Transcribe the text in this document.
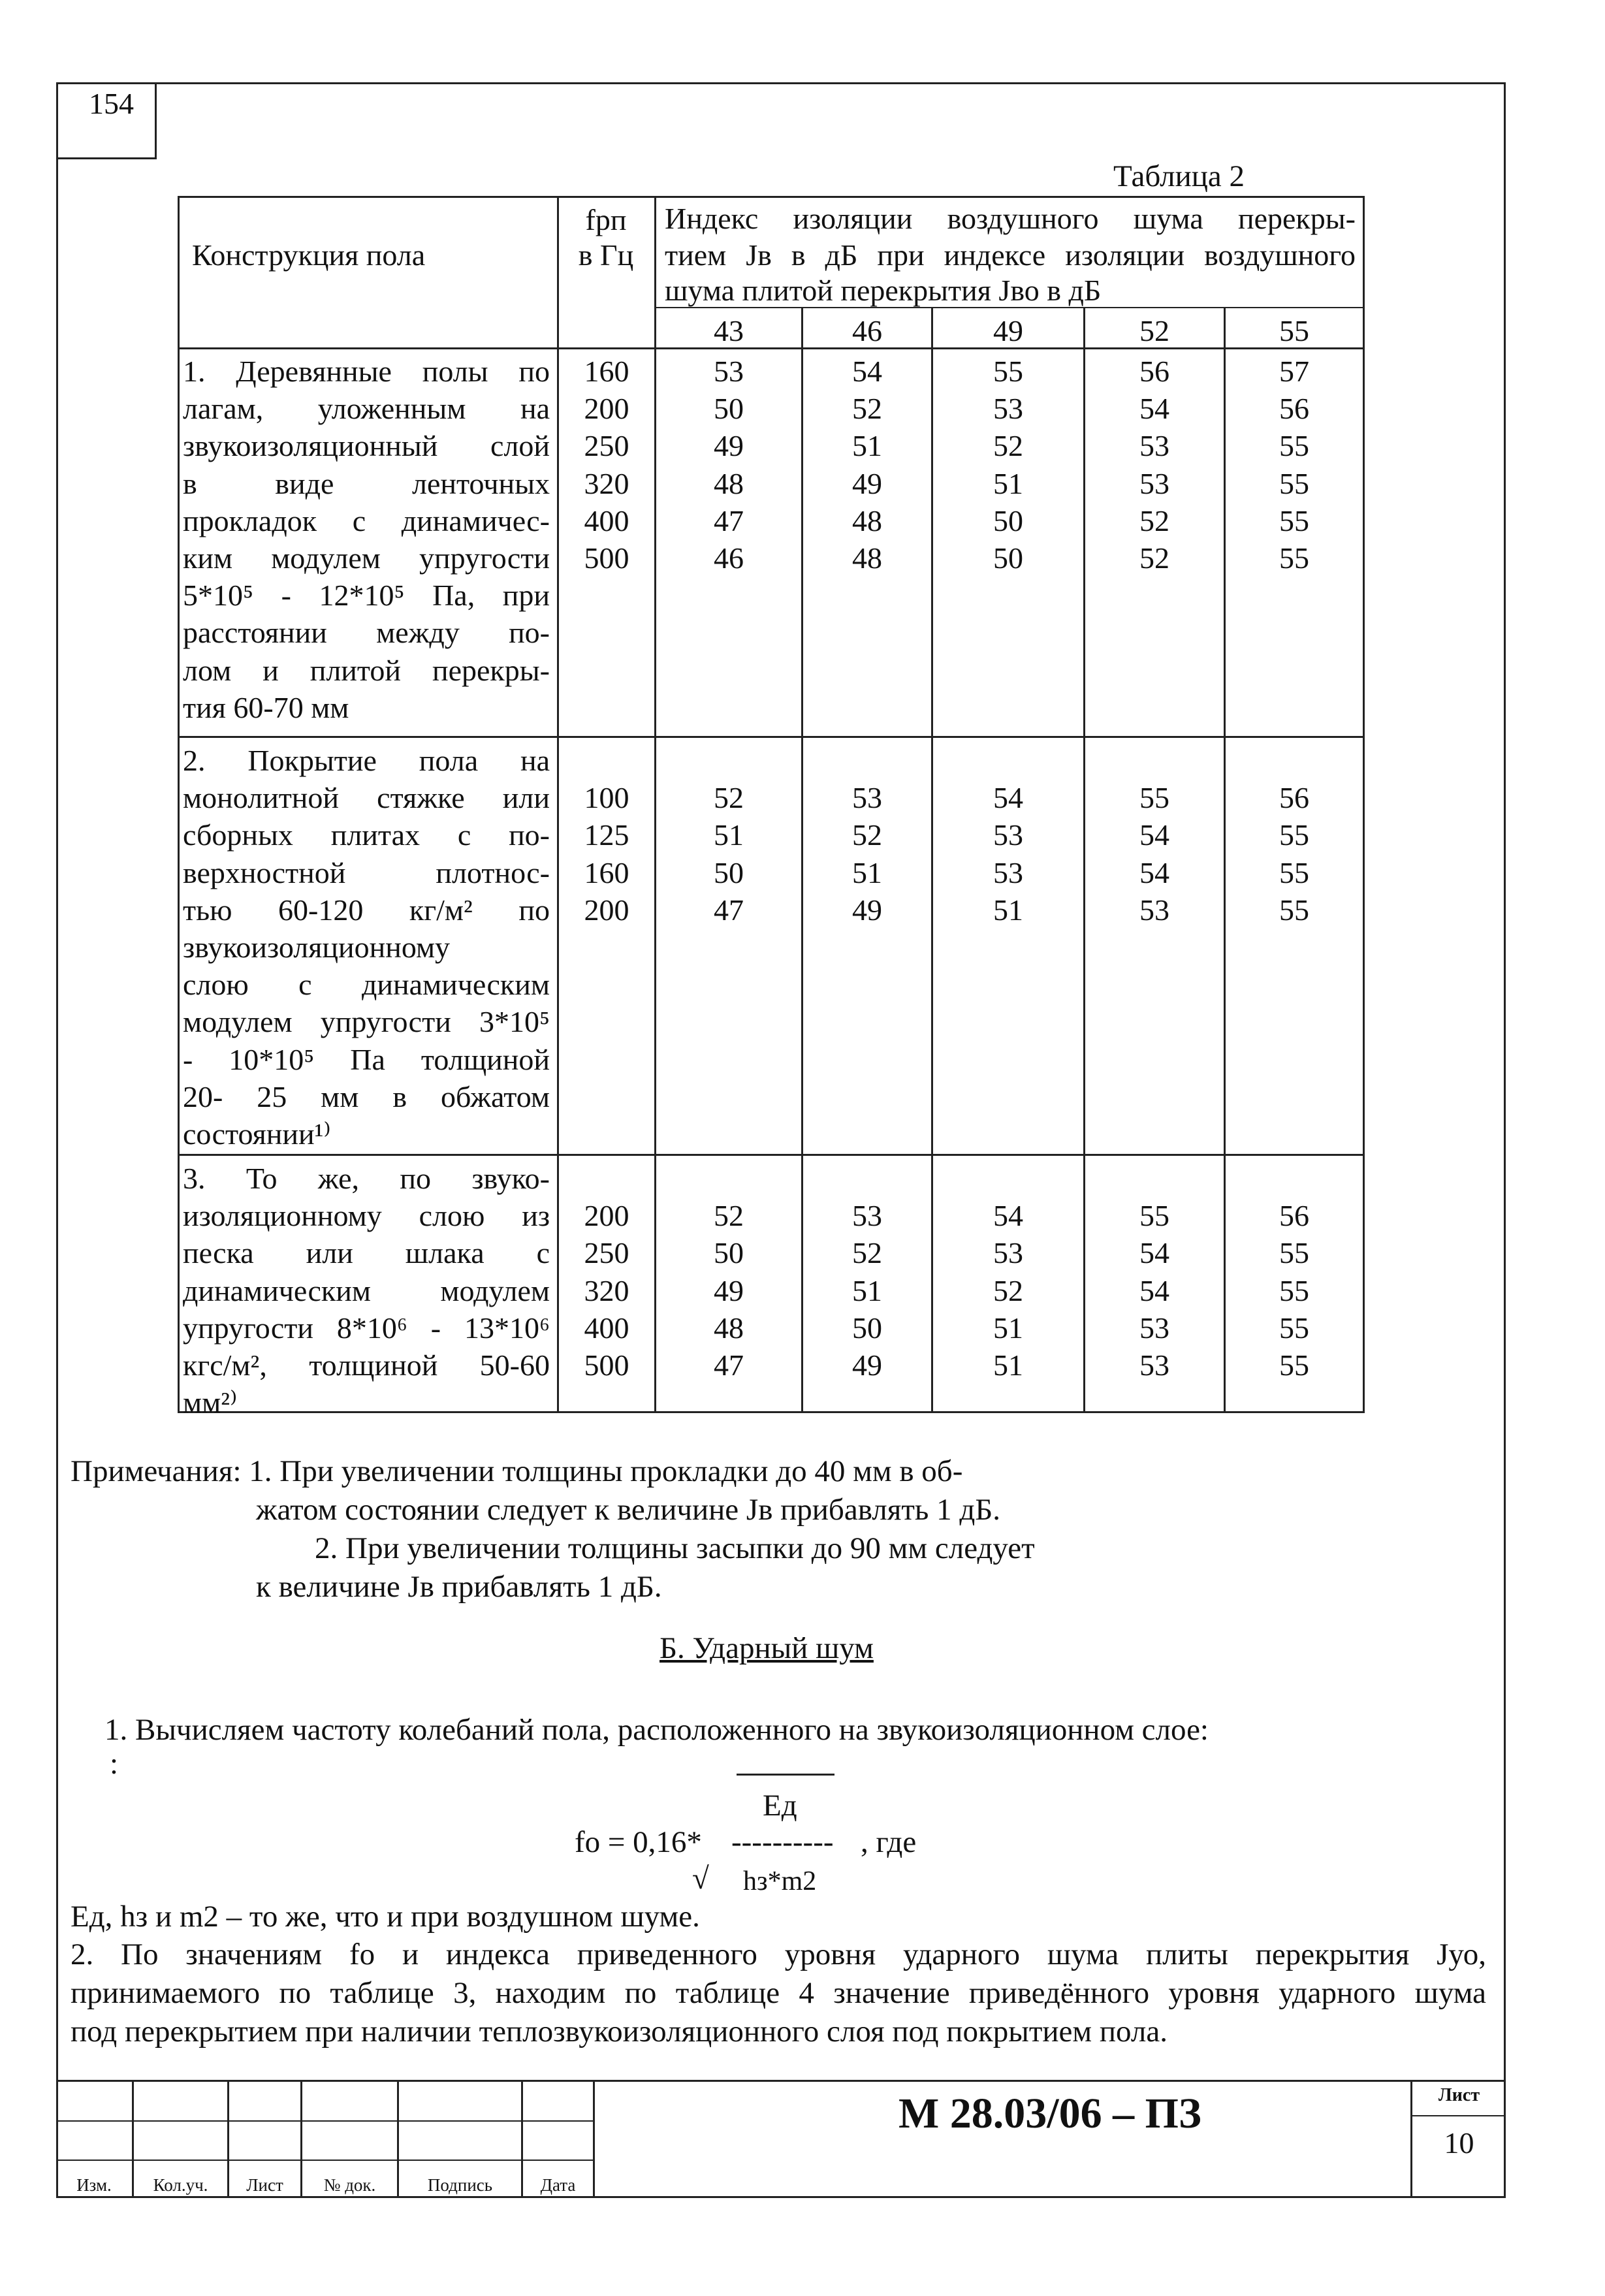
154
Таблица 2
Конструкция пола
fрп
в Гц
Индекс изоляции воздушного шума перекры-
тием Jв в дБ при индексе изоляции воздушного
шума плитой перекрытия Jво в дБ
43	46	49	52	55
1. Деревянные полы по
лагам, уложенным на
звукоизоляционный слой
в виде ленточных
прокладок с динамичес-
ким модулем упругости
5*10⁵ - 12*10⁵ Па, при
расстоянии между по-
лом и плитой перекры-
тия 60-70 мм
160	53	54	55	56	57
200	50	52	53	54	56
250	49	51	52	53	55
320	48	49	51	53	55
400	47	48	50	52	55
500	46	48	50	52	55
2. Покрытие пола на
монолитной стяжке или
сборных плитах с по-
верхностной плотнос-
тью 60-120 кг/м² по
звукоизоляционному
слою с динамическим
модулем упругости 3*10⁵
- 10*10⁵ Па толщиной
20- 25 мм в обжатом
состоянии¹⁾
100	52	53	54	55	56
125	51	52	53	54	55
160	50	51	53	54	55
200	47	49	51	53	55
3. То же, по звуко-
изоляционному слою из
песка или шлака с
динамическим модулем
упругости 8*10⁶ - 13*10⁶
кгс/м², толщиной 50-60
мм²⁾
200	52	53	54	55	56
250	50	52	53	54	55
320	49	51	52	54	55
400	48	50	51	53	55
500	47	49	51	53	55
Примечания: 1. При увеличении толщины прокладки до 40 мм в об-
жатом состоянии следует к величине Jв прибавлять 1 дБ.
2. При увеличении толщины засыпки до 90 мм следует
к величине Jв прибавлять 1 дБ.
Б. Ударный шум
1. Вычисляем частоту колебаний пола, расположенного на звукоизоляционном слое:
:
Eд
fо = 0,16* ---------- , где
√ hз*m2
Eд, hз и m2 – то же, что и при воздушном шуме.
2. По значениям fо и индекса приведенного уровня ударного шума плиты перекрытия Jуо,
принимаемого по таблице 3, находим по таблице 4 значение приведённого уровня ударного шума
под перекрытием при наличии теплозвукоизоляционного слоя под покрытием пола.
Изм.	Кол.уч.	Лист	№ док.	Подпись	Дата
М 28.03/06 – ПЗ	Лист
10
